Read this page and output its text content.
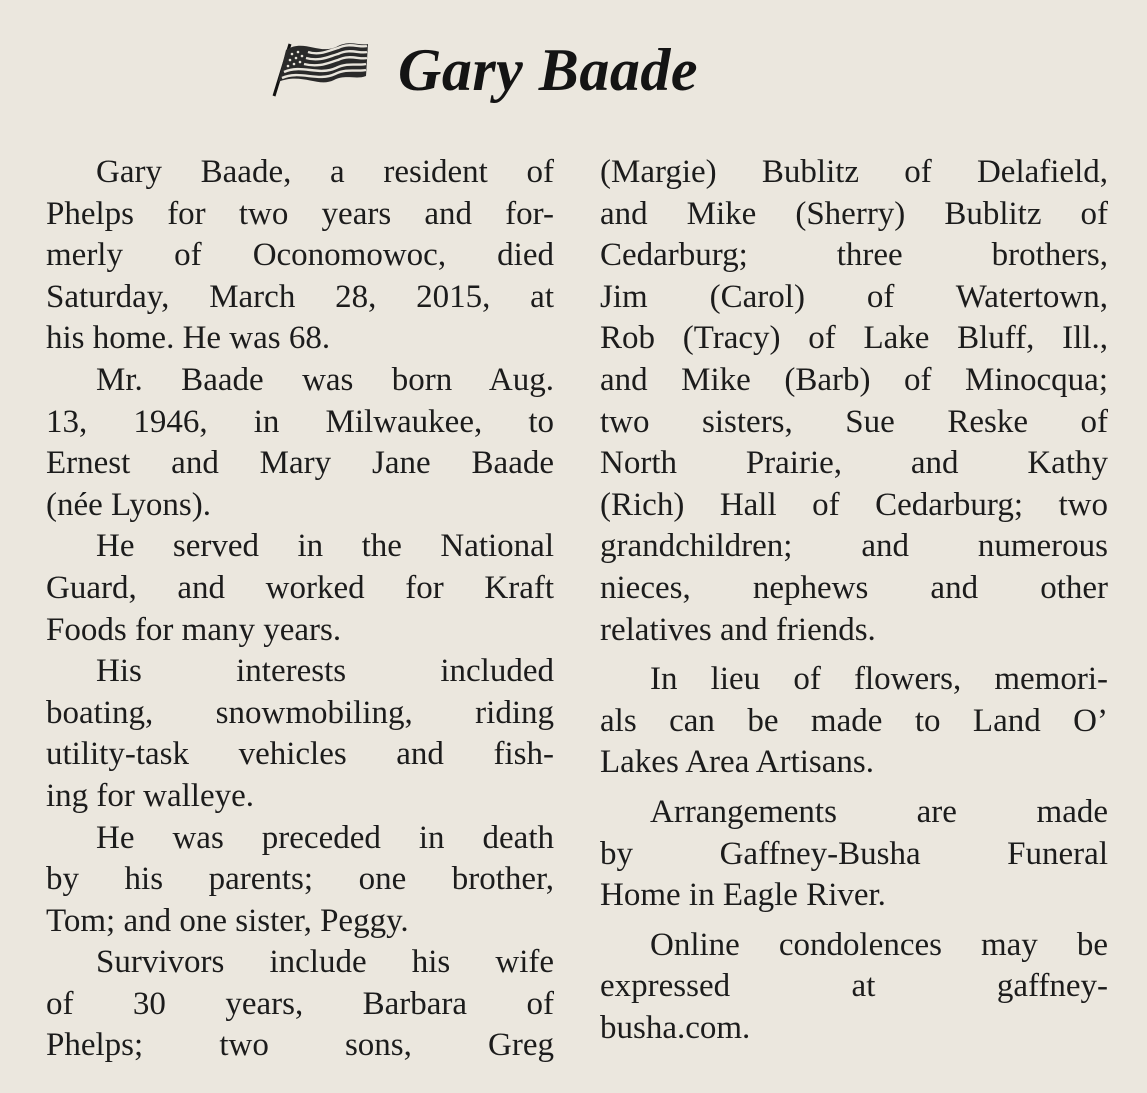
Gary Baade
Gary Baade, a resident of
Phelps for two years and for-
merly of Oconomowoc, died
Saturday, March 28, 2015, at
his home. He was 68.
Mr. Baade was born Aug.
13, 1946, in Milwaukee, to
Ernest and Mary Jane Baade
(née Lyons).
He served in the National
Guard, and worked for Kraft
Foods for many years.
His interests included
boating, snowmobiling, riding
utility-task vehicles and fish-
ing for walleye.
He was preceded in death
by his parents; one brother,
Tom; and one sister, Peggy.
Survivors include his wife
of 30 years, Barbara of
Phelps; two sons, Greg
(Margie) Bublitz of Delafield,
and Mike (Sherry) Bublitz of
Cedarburg; three brothers,
Jim (Carol) of Watertown,
Rob (Tracy) of Lake Bluff, Ill.,
and Mike (Barb) of Minocqua;
two sisters, Sue Reske of
North Prairie, and Kathy
(Rich) Hall of Cedarburg; two
grandchildren; and numerous
nieces, nephews and other
relatives and friends.
In lieu of flowers, memori-
als can be made to Land O’
Lakes Area Artisans.
Arrangements are made
by Gaffney-Busha Funeral
Home in Eagle River.
Online condolences may be
expressed at gaffney-
busha.com.
